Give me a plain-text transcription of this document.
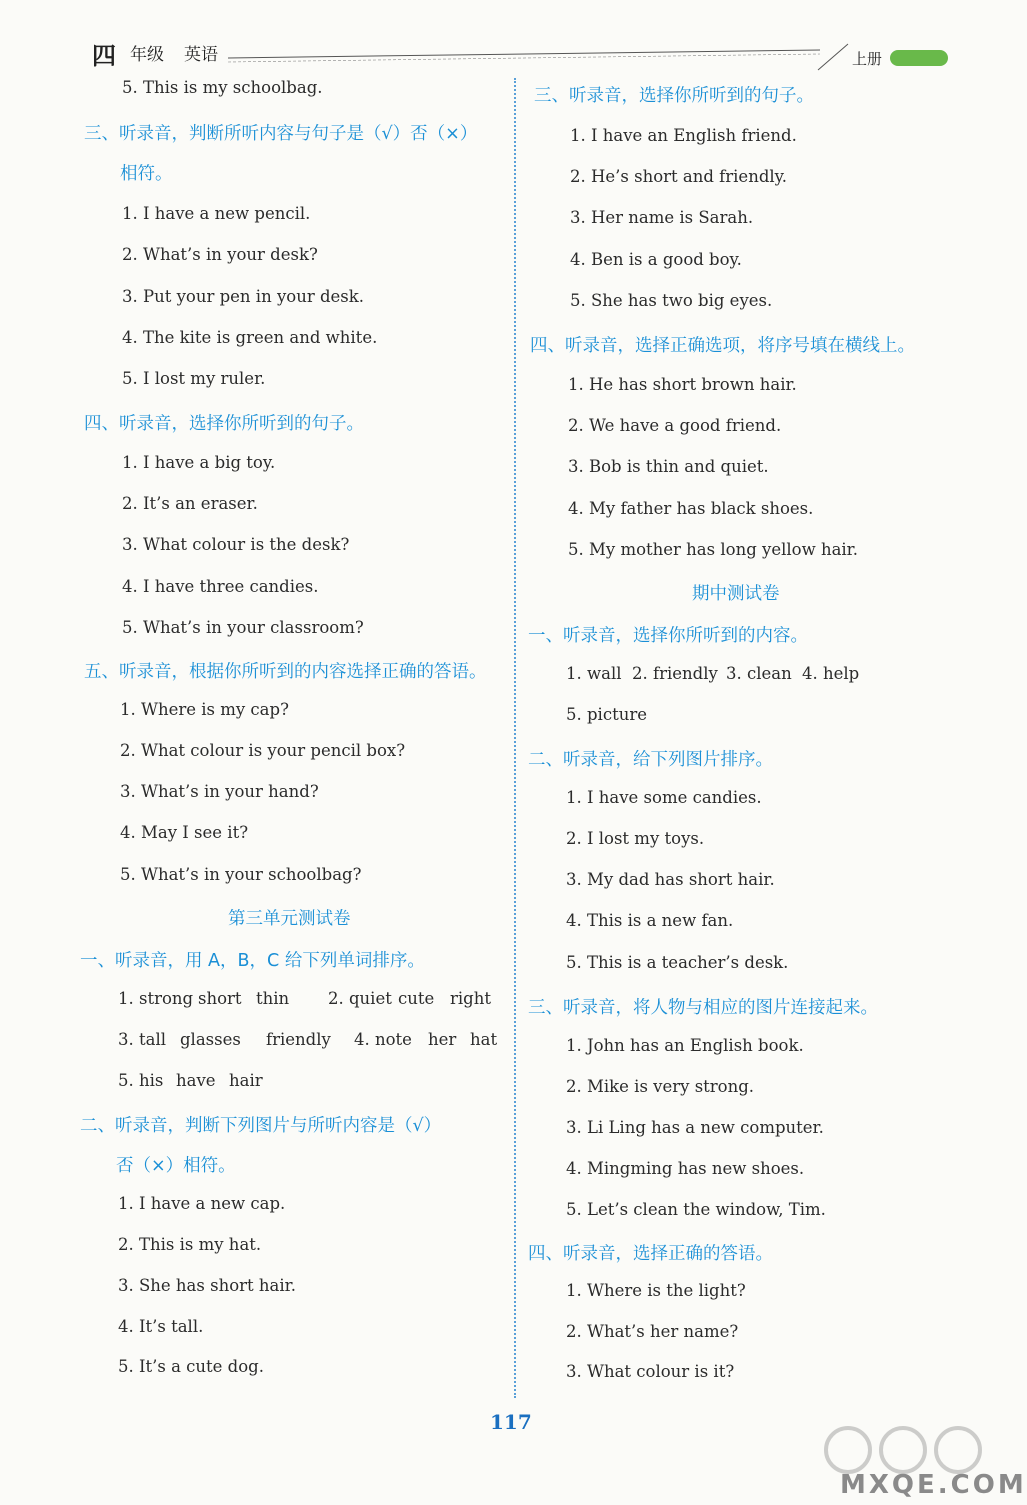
四 年级 英语	上册
5. This is my schoolbag.
三、听录音，判断所听内容与句子是（√）否（×）
相符。
1. I have a new pencil.
2. What’s in your desk?
3. Put your pen in your desk.
4. The kite is green and white.
5. I lost my ruler.
四、听录音，选择你所听到的句子。
1. I have a big toy.
2. It’s an eraser.
3. What colour is the desk?
4. I have three candies.
5. What’s in your classroom?
五、听录音，根据你所听到的内容选择正确的答语。
1. Where is my cap?
2. What colour is your pencil box?
3. What’s in your hand?
4. May I see it?
5. What’s in your schoolbag?
第三单元测试卷
一、听录音，用 A，B，C 给下列单词排序。
1. strong short thin 2. quiet cute right
3. tall glasses friendly 4. note her hat
5. his have hair
二、听录音，判断下列图片与所听内容是（√）
否（×）相符。
1. I have a new cap.
2. This is my hat.
3. She has short hair.
4. It’s tall.
5. It’s a cute dog.
三、听录音，选择你所听到的句子。
1. I have an English friend.
2. He’s short and friendly.
3. Her name is Sarah.
4. Ben is a good boy.
5. She has two big eyes.
四、听录音，选择正确选项，将序号填在横线上。
1. He has short brown hair.
2. We have a good friend.
3. Bob is thin and quiet.
4. My father has black shoes.
5. My mother has long yellow hair.
期中测试卷
一、听录音，选择你所听到的内容。
1. wall 2. friendly 3. clean 4. help
5. picture
二、听录音，给下列图片排序。
1. I have some candies.
2. I lost my toys.
3. My dad has short hair.
4. This is a new fan.
5. This is a teacher’s desk.
三、听录音，将人物与相应的图片连接起来。
1. John has an English book.
2. Mike is very strong.
3. Li Ling has a new computer.
4. Mingming has new shoes.
5. Let’s clean the window, Tim.
四、听录音，选择正确的答语。
1. Where is the light?
2. What’s her name?
3. What colour is it?
117
MXQE.COM
